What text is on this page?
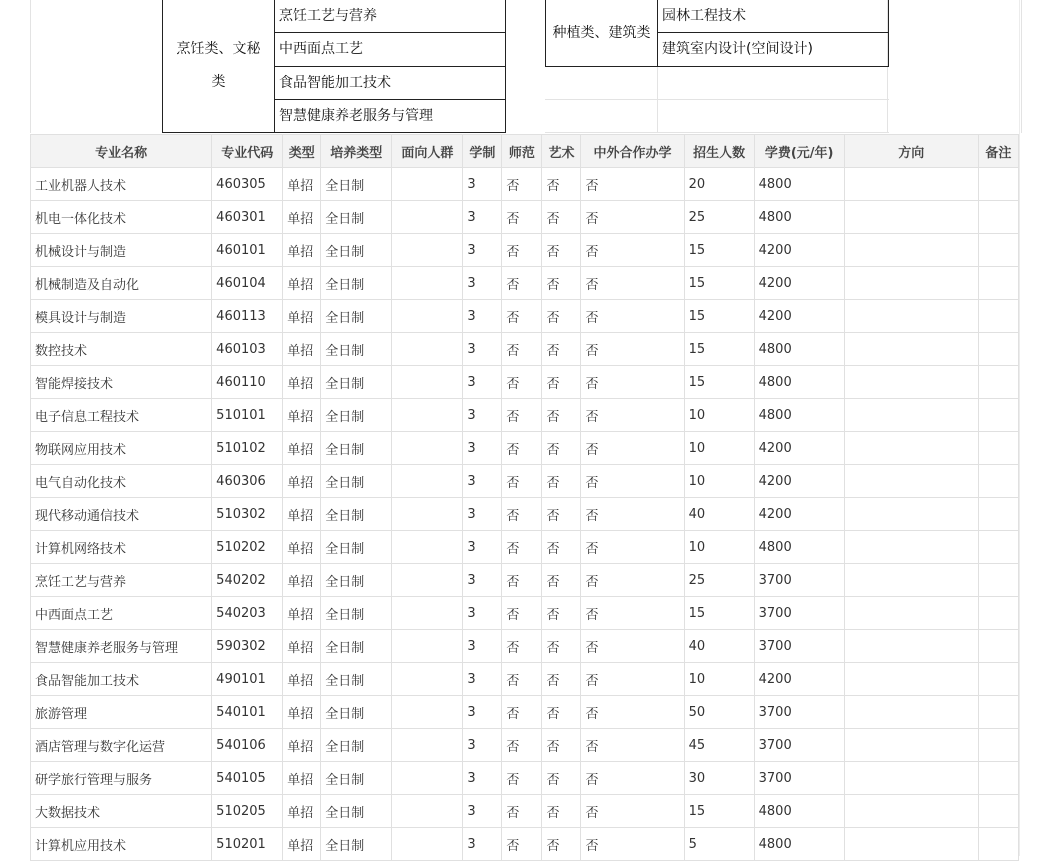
烹饪类、文秘类
烹饪工艺与营养
中西面点工艺
食品智能加工技术
智慧健康养老服务与管理
种植类、建筑类
园林工程技术
建筑室内设计(空间设计)
专业名称	专业代码	类型	培养类型	面向人群	学制	师范	艺术	中外合作办学	招生人数	学费(元/年)	方向	备注
工业机器人技术	460305	单招	全日制		3	否	否	否	20	4800		
机电一体化技术	460301	单招	全日制		3	否	否	否	25	4800		
机械设计与制造	460101	单招	全日制		3	否	否	否	15	4200		
机械制造及自动化	460104	单招	全日制		3	否	否	否	15	4200		
模具设计与制造	460113	单招	全日制		3	否	否	否	15	4200		
数控技术	460103	单招	全日制		3	否	否	否	15	4800		
智能焊接技术	460110	单招	全日制		3	否	否	否	15	4800		
电子信息工程技术	510101	单招	全日制		3	否	否	否	10	4800		
物联网应用技术	510102	单招	全日制		3	否	否	否	10	4200		
电气自动化技术	460306	单招	全日制		3	否	否	否	10	4200		
现代移动通信技术	510302	单招	全日制		3	否	否	否	40	4200		
计算机网络技术	510202	单招	全日制		3	否	否	否	10	4800		
烹饪工艺与营养	540202	单招	全日制		3	否	否	否	25	3700		
中西面点工艺	540203	单招	全日制		3	否	否	否	15	3700		
智慧健康养老服务与管理	590302	单招	全日制		3	否	否	否	40	3700		
食品智能加工技术	490101	单招	全日制		3	否	否	否	10	4200		
旅游管理	540101	单招	全日制		3	否	否	否	50	3700		
酒店管理与数字化运营	540106	单招	全日制		3	否	否	否	45	3700		
研学旅行管理与服务	540105	单招	全日制		3	否	否	否	30	3700		
大数据技术	510205	单招	全日制		3	否	否	否	15	4800		
计算机应用技术	510201	单招	全日制		3	否	否	否	5	4800		
